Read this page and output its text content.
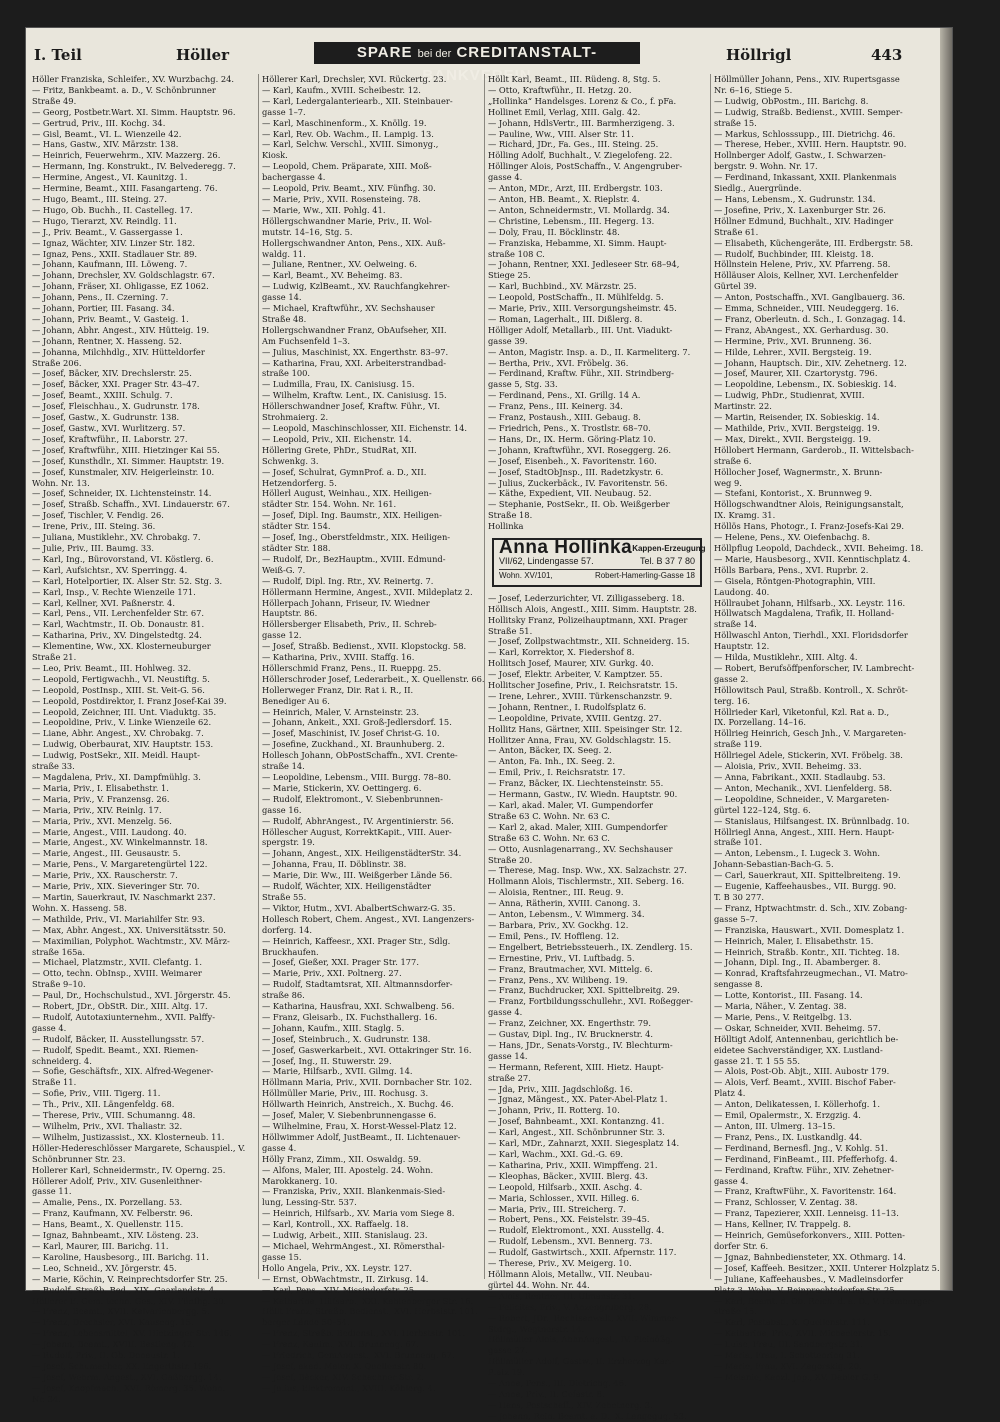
I. Teil	Höller	SPARE bei der CREDITANSTALT-BANKVEREIN
Höllrigl	443
Höller Franziska, Schleifer., XV. Wurzbachg. 24.
— Fritz, Bankbeamt. a. D., V. Schönbrunner
Straße 49.
— Georg, Postbetr.Wart. XI. Simm. Hauptstr. 96.
— Gertrud, Priv., III. Kochg. 34.
— Gisl, Beamt., VI. L. Wienzeile 42.
— Hans, Gastw., XIV. Märzstr. 138.
— Heinrich, Feuerwehrm., XIV. Mazzerg. 26.
— Hermann, Ing. Konstrukt., IV. Belvederegg. 7.
— Hermine, Angest., VI. Kaunitzg. 1.
— Hermine, Beamt., XIII. Fasangarteng. 76.
— Hugo, Beamt., III. Steing. 27.
— Hugo, Ob. Buchh., II. Castelleg. 17.
— Hugo, Tierarzt, XV. Reindlg. 11.
— J., Priv. Beamt., V. Gassergasse 1.
— Ignaz, Wächter, XIV. Linzer Str. 182.
— Ignaz, Pens., XXII. Stadlauer Str. 89.
— Johann, Kaufmann, III. Löweng. 7.
— Johann, Drechsler, XV. Goldschlagstr. 67.
— Johann, Fräser, XI. Ohligasse, EZ 1062.
— Johann, Pens., II. Czerning. 7.
— Johann, Portier, III. Fasang. 34.
— Johann, Priv. Beamt., V. Gasteig. 1.
— Johann, Abhr. Angest., XIV. Hütteig. 19.
— Johann, Rentner, X. Hasseng. 52.
— Johanna, Milchhdlg., XIV. Hütteldorfer
Straße 206.
— Josef, Bäcker, XIV. Drechslerstr. 25.
— Josef, Bäcker, XXI. Prager Str. 43–47.
— Josef, Beamt., XXIII. Schulg. 7.
— Josef, Fleischhau., X. Gudrunstr. 178.
— Josef, Gastw., X. Gudrunstr. 138.
— Josef, Gastw., XVI. Wurlitzerg. 57.
— Josef, Kraftwführ., II. Laborstr. 27.
— Josef, Kraftwführ., XIII. Hietzinger Kai 55.
— Josef, Kunsthdlr., XI. Simmer. Hauptstr. 19.
— Josef, Kunstmaler, XIV. Heigerleinstr. 10.
Wohn. Nr. 13.
— Josef, Schneider, IX. Lichtensteinstr. 14.
— Josef, Straßb. Schaffn., XVI. Lindauerstr. 67.
— Josef, Tischler, V. Fendig. 26.
— Irene, Priv., III. Steing. 36.
— Juliana, Mustiklehr., XV. Chrobakg. 7.
— Julie, Priv., III. Baumg. 33.
— Karl, Ing., Bürovorstand, VI. Köstlerg. 6.
— Karl, Aufsichtsr., XV. Sperringg. 4.
— Karl, Hotelportier, IX. Alser Str. 52. Stg. 3.
— Karl, Insp., V. Rechte Wienzeile 171.
— Karl, Kellner, XVI. Paßnerstr. 4.
— Karl, Pens., VII. Lerchenfelder Str. 67.
— Karl, Wachtmstr., II. Ob. Donaustr. 81.
— Katharina, Priv., XV. Dingelstedtg. 24.
— Klementine, Ww., XX. Klosterneuburger
Straße 21.
— Leo, Priv. Beamt., III. Hohlweg. 32.
— Leopold, Fertigwachh., VI. Neustiftg. 5.
— Leopold, PostInsp., XIII. St. Veit-G. 56.
— Leopold, Postdirektor, I. Franz Josef-Kai 39.
— Leopold, Zeichner, III. Unt. Viaduktg. 35.
— Leopoldine, Priv., V. Linke Wienzeile 62.
— Liane, Abhr. Angest., XV. Chrobakg. 7.
— Ludwig, Oberbaurat, XIV. Hauptstr. 153.
— Ludwig, PostSekr., XII. Meidl. Haupt-
straße 33.
— Magdalena, Priv., XI. Dampfmühlg. 3.
— Maria, Priv., I. Elisabethstr. 1.
— Maria, Priv., V. Franzensg. 26.
— Maria, Priv., XIV. Reinlg. 17.
— Maria, Priv., XVI. Menzelg. 56.
— Marie, Angest., VIII. Laudong. 40.
— Marie, Angest., XV. Winkelmannstr. 18.
— Marie, Angest., III. Geusaustr. 5.
— Marie, Pens., V. Margaretengürtel 122.
— Marie, Priv., XX. Rauscherstr. 7.
— Marie, Priv., XIX. Sieveringer Str. 70.
— Martin, Sauerkraut, IV. Naschmarkt 237.
Wohn. X. Hasseng. 58.
— Mathilde, Priv., VI. Mariahilfer Str. 93.
— Max, Abhr. Angest., XX. Universitätsstr. 50.
— Maximilian, Polyphot. Wachtmstr., XV. März-
straße 165a.
— Michael, Platzmstr., XVII. Clefantg. 1.
— Otto, techn. ObInsp., XVIII. Weimarer
Straße 9–10.
— Paul, Dr., Hochschulstud., XVI. Jörgerstr. 45.
— Robert, JDr., ObStR. Dir., XIII. Altg. 17.
— Rudolf, Autotaxiunternehm., XVII. Palffy-
gasse 4.
— Rudolf, Bäcker, II. Ausstellungsstr. 57.
— Rudolf, Spedit. Beamt., XXI. Riemen-
schneiderg. 4.
— Sofie, Geschäftsfr., XIX. Alfred-Wegener-
Straße 11.
— Sofie, Priv., VIII. Tigerg. 11.
— Th., Priv., XII. Längenfeldg. 68.
— Therese, Priv., VIII. Schumanng. 48.
— Wilhelm, Priv., XVI. Thaliastr. 32.
— Wilhelm, Justizassist., XX. Klosterneub. 11.
Höller-Hedereschlösser Margarete, Schauspiel., V.
Schönbrunner Str. 23.
Hollerer Karl, Schneidermstr., IV. Operng. 25.
Höllerer Adolf, Priv., XIV. Gusenleithner-
gasse 11.
— Amalie, Pens., IX. Porzellang. 53.
— Franz, Kaufmann, XV. Felberstr. 96.
— Hans, Beamt., X. Quellenstr. 115.
— Ignaz, Bahnbeamt., XIV. Lösteng. 23.
— Karl, Maurer, III. Barichg. 11.
— Karoline, Hausbesorg., III. Barichg. 11.
— Leo, Schneid., XV. Jörgerstr. 45.
— Marie, Köchin, V. Reinprechtsdorfer Str. 25.
— Rudolf, Straßb. Bed., XIX. Gaarlandstr. 4.
Höllerer E. Gem. techn. Ges., XIV. Fünfhg. 30.
— Franz, Beamt., XVII. Kalvarienbergg. 5.
— Franz, Drechsler, XVI. Kauseng. 15.
— Franz, Lebensmittel, XV. Hietzinger Str. 146.
— Johann, Beamt., XVIII. Bastieng. 42.
— Rudolf, Priv., II. Ob. Donaustr. 1.
— Josef, Schumacher, XX. Engerthstr. 196.
— Josef, Wehrm. Angest., XVI. Gaßbergg. 14.
— Josef, Knopfmach., XVI. Römerg. 35. Wohn.
Nr. 34.
Höllerer Karl, Drechsler, XVI. Rückertg. 23.
— Karl, Kaufm., XVIII. Scheibestr. 12.
— Karl, Ledergalanteriearb., XII. Steinbauer-
gasse 1–7.
— Karl, Maschinenform., X. Knöllg. 19.
— Karl, Rev. Ob. Wachm., II. Lampig. 13.
— Karl, Selchw. Verschl., XVIII. Simonyg.,
Kiosk.
— Leopold, Chem. Präparate, XIII. Moß-
bachergasse 4.
— Leopold, Priv. Beamt., XIV. Fünfhg. 30.
— Marie, Priv., XVII. Rosensteing. 78.
— Marie, Ww., XII. Pohlg. 41.
Höllergschwandner Marie, Priv., II. Wol-
mutstr. 14–16, Stg. 5.
Hollergschwandner Anton, Pens., XIX. Auß-
waldg. 11.
— Juliane, Rentner., XV. Oelweing. 6.
— Karl, Beamt., XV. Beheimg. 83.
— Ludwig, KzlBeamt., XV. Rauchfangkehrer-
gasse 14.
— Michael, Kraftwführ., XV. Sechshauser
Straße 48.
Hollergschwandner Franz, ObAufseher, XII.
Am Fuchsenfeld 1–3.
— Julius, Maschinist, XX. Engerthstr. 83–97.
— Katharina, Frau, XXI. Arbeiterstrandbad-
straße 100.
— Ludmilla, Frau, IX. Canisiusg. 15.
— Wilhelm, Kraftw. Lent., IX. Canisiusg. 15.
Höllerschwandner Josef, Kraftw. Führ., VI.
Strohmaierg. 2.
— Leopold, Maschinschlosser, XII. Eichenstr. 14.
— Leopold, Priv., XII. Eichenstr. 14.
Höllering Grete, PhDr., StudRat, XII.
Schwenkg. 3.
— Josef, Schulrat, GymnProf. a. D., XII.
Hetzendorferg. 5.
Höllerl August, Weinhau., XIX. Heiligen-
städter Str. 154. Wohn. Nr. 161.
— Josef, Dipl. Ing. Baumstr., XIX. Heiligen-
städter Str. 154.
— Josef, Ing., Oberstfeldmstr., XIX. Heiligen-
städter Str. 188.
— Rudolf, Dr., BezHauptm., XVIII. Edmund-
Weiß-G. 7.
— Rudolf, Dipl. Ing. Rtr., XV. Reinertg. 7.
Höllermann Hermine, Angest., XVII. Mildeplatz 2.
Höllerpach Johann, Friseur, IV. Wiedner
Hauptstr. 86.
Höllersberger Elisabeth, Priv., II. Schreb-
gasse 12.
— Josef, Straßb. Bedienst., XVII. Klopstockg. 58.
— Katharina, Priv., XVIII. Staffg. 16.
Höllerschmid Franz, Pens., II. Rueppg. 25.
Höllerschroder Josef, Lederarbeit., X. Quellenstr. 66.
Hollerweger Franz, Dir. Rat i. R., II.
Benediger Au 6.
— Heinrich, Maler, V. Arnsteinstr. 23.
— Johann, Ankeit., XXI. Groß-Jedlersdorf. 15.
— Josef, Maschinist, IV. Josef Christ-G. 10.
— Josefine, Zuckhand., XI. Braunhuberg. 2.
Hollesch Johann, ObPostSchaffn., XVI. Crente-
straße 14.
— Leopoldine, Lebensm., VIII. Burgg. 78–80.
— Marie, Stickerin, XV. Oettingerg. 6.
— Rudolf, Elektromont., V. Siebenbrunnen-
gasse 16.
— Rudolf, AbhrAngest., IV. Argentinierstr. 56.
Höllescher August, KorrektKapit., VIII. Auer-
spergstr. 19.
— Johann, Angest., XIX. HeiligenstädterStr. 34.
— Johanna, Frau, II. Döblinstr. 38.
— Marie, Dir. Ww., III. Weißgerber Lände 56.
— Rudolf, Wächter, XIX. Heiligenstädter
Straße 55.
— Viktor, Hutm., XVI. AbalbertSchwarz-G. 35.
Hollesch Robert, Chem. Angest., XVI. Langenzers-
dorferg. 14.
— Heinrich, Kaffeesr., XXI. Prager Str., Sdlg.
Bruckhaufen.
— Josef, Gießer, XXI. Prager Str. 177.
— Marie, Priv., XXI. Poltnerg. 27.
— Rudolf, Stadtamtsrat, XII. Altmannsdorfer-
straße 86.
— Katharina, Hausfrau, XXI. Schwalbeng. 56.
— Franz, Gleisarb., IX. Fuchsthallerg. 16.
— Johann, Kaufm., XIII. Staglg. 5.
— Josef, Steinbruch., X. Gudrunstr. 138.
— Josef, Gaswerkarbeit., XVI. Ottakringer Str. 16.
— Josef, Ing., II. Stuwerstr. 29.
— Marie, Hilfsarb., XVII. Gilmg. 14.
Höllmann Maria, Priv., XVII. Dornbacher Str. 102.
Höllmüller Marie, Priv., III. Rochusg. 3.
Höllwarth Heinrich, Anstreich., X. Buchg. 46.
— Josef, Maler, V. Siebenbrunnengasse 6.
— Wilhelmine, Frau, X. Horst-Wessel-Platz 12.
Höllwimmer Adolf, JustBeamt., II. Lichtenauer-
gasse 4.
Hölly Franz, Zimm., XII. Oswaldg. 59.
— Alfons, Maler, III. Apostelg. 24. Wohn.
Marokkanerg. 10.
— Franziska, Priv., XXII. Blankenmais-Sied-
lung, Lessing-Str. 537.
— Heinrich, Hilfsarb., XV. Maria vom Siege 8.
— Karl, Kontroll., XX. Raffaelg. 18.
— Ludwig, Arbeit., XIII. Stanislaug. 23.
— Michael, WehrmAngest., XI. Römersthal-
gasse 15.
Hollo Angela, Priv., XX. Leystr. 127.
— Ernst, ObWachtmstr., II. Zirkusg. 14.
— Karl, Pens., XIV. Missindorfstr. 25.
— Katharina, Hilfsarb., XXI. Kahlenberger Str. 16.
Höllt Franz, Straßb. Bedienst., XVI. Herbststr. 101.
berger Lände 50–54.
— Franz, Straßb. Bedienst., XVI. Herbststr. 101.
— Franz, Kaufm., XVI. Brunneng. 67.
— Friedrich, GemAngest., XVI. Brunneng. 67.
— Josef, akad. Maler, X. Quellenstr. 80.
— Josef, Bäcker, XIV. Schachner Str. 2.
— Julius, Elektromont., XVIII. Köhlerg. 4.
Höllt Karl, Beamt., III. Rüdeng. 8, Stg. 5.
— Otto, Kraftwführ., II. Hetzg. 20.
„Hollinka“ Handelsges. Lorenz & Co., f. pFa.
Hollinet Emil, Verlag, XIII. Galg. 42.
— Johann, HdlsVertr., III. Barmherzigeng. 3.
— Pauline, Ww., VIII. Alser Str. 11.
— Richard, JDr., Fa. Ges., III. Steing. 25.
Hölling Adolf, Buchhalt., V. Ziegelofeng. 22.
Höllinger Alois, PostSchaffn., V. Angengruber-
gasse 4.
— Anton, MDr., Arzt, III. Erdbergstr. 103.
— Anton, HB. Beamt., X. Rieplstr. 4.
— Anton, Schneidermstr., VI. Mollardg. 34.
— Christine, Lebensm., III. Hegerg. 13.
— Doly, Frau, II. Böcklinstr. 48.
— Franziska, Hebamme, XI. Simm. Haupt-
straße 108 C.
— Johann, Rentner, XXI. Jedleseer Str. 68–94,
Stiege 25.
— Karl, Buchbind., XV. Märzstr. 25.
— Leopold, PostSchaffn., II. Mühlfeldg. 5.
— Marie, Priv., XIII. Versorgungsheimstr. 45.
— Roman, Lagerhalt., III. Dißlerg. 8.
Hölliger Adolf, Metallarb., III. Unt. Viadukt-
gasse 39.
— Anton, Magistr. Insp. a. D., II. Karmeliterg. 7.
— Bertha, Priv., XVI. Fröbelg. 36.
— Ferdinand, Kraftw. Führ., XII. Strindberg-
gasse 5, Stg. 33.
— Ferdinand, Pens., XI. Grillg. 14 A.
— Franz, Pens., III. Keinerg. 34.
— Franz, Postaush., XIII. Gebaug. 8.
— Friedrich, Pens., X. Trostlstr. 68–70.
— Hans, Dr., IX. Herm. Göring-Platz 10.
— Johann, Kraftwführ., XVI. Roseggerg. 26.
— Josef, Eisenbeh., X. Favoritenstr. 160.
— Josef, StadtObJnsp., III. Radetzkystr. 6.
— Julius, Zuckerbäck., IV. Favoritenstr. 56.
— Käthe, Expedient, VII. Neubaug. 52.
— Stephanie, PostSekr., II. Ob. Weißgerber
Straße 18.
Hollinka
Anna Hollinka Kappen-Erzeugung
VII/62, Lindengasse 57.	Tel. B 37 7 80
Wohn. XV/101,	Robert-Hamerling-Gasse 18
— Josef, Lederzurichter, VI. Zilligasseberg. 18.
Höllisch Alois, AngestI., XIII. Simm. Hauptstr. 28.
Hollitsky Franz, Polizeihauptmann, XXI. Prager
Straße 51.
— Josef, Zollpstwachtmstr., XII. Schneiderg. 15.
— Karl, Korrektor, X. Fiedershof 8.
Hollitsch Josef, Maurer, XIV. Gurkg. 40.
— Josef, Elektr. Arbeiter, V. Kamptzer. 55.
Hollitscher Josefine, Priv., I. Reichsratstr. 15.
— Irene, Lehrer., XVIII. Türkenschanzstr. 9.
— Johann, Rentner., I. Rudolfsplatz 6.
— Leopoldine, Private, XVIII. Gentzg. 27.
Hollitz Hans, Gärtner, XIII. Speisinger Str. 12.
Hollitzer Anna, Frau, XV. Goldschlagstr. 15.
— Anton, Bäcker, IX. Seeg. 2.
— Anton, Fa. Inh., IX. Seeg. 2.
— Emil, Priv., I. Reichsratstr. 17.
— Franz, Bäcker, IX. Liechtensteinstr. 55.
— Hermann, Gastw., IV. Wiedn. Hauptstr. 90.
— Karl, akad. Maler, VI. Gumpendorfer
Straße 63 C. Wohn. Nr. 63 C.
— Karl 2, akad. Maler, XIII. Gumpendorfer
Straße 63 C. Wohn. Nr. 63 C.
— Otto, Ausnlagenarrang., XV. Sechshauser
Straße 20.
— Therese, Mag. Insp. Ww., XX. Salzachstr. 27.
Hollmann Alois, Tischlermstr., XII. Seberg. 16.
— Aloisia, Rentner., III. Reug. 9.
— Anna, Rätherin, XVIII. Canong. 3.
— Anton, Lebensm., V. Wimmerg. 34.
— Barbara, Priv., XV. Gockhg. 12.
— Emil, Pens., IV. Hoffleng. 12.
— Engelbert, Betriebssteuerh., IX. Zendlerg. 15.
— Ernestine, Priv., VI. Luftbadg. 5.
— Franz, Brautmacher, XVI. Mittelg. 6.
— Franz, Pens., XV. Wilibeng. 19.
— Franz, Buchdrucker, XXI. Spittelbreitg. 29.
— Franz, Fortbildungsschullehr., XVI. Roßegger-
gasse 4.
— Franz, Zeichner, XX. Engerthstr. 79.
— Gustav, Dipl. Ing., IV. Brucknerstr. 4.
— Hans, JDr., Senats-Vorstg., IV. Blechturm-
gasse 14.
— Hermann, Referent, XIII. Hietz. Haupt-
straße 27.
— Jda, Priv., XIII. Jagdschloßg. 16.
— Jgnaz, Mängest., XX. Pater-Abel-Platz 1.
— Johann, Priv., II. Rotterg. 10.
— Josef, Bahnbeamt., XXI. Kontanzng. 41.
— Karl, Angest., XII. Schönbrunner Str. 3.
— Karl, MDr., Zahnarzt, XXII. Siegesplatz 14.
— Karl, Wachm., XXI. Gd.-G. 69.
— Katharina, Priv., XXII. Wimpffeng. 21.
— Kleophas, Bäcker., XVIII. Blerg. 43.
— Leopold, Hilfsarb., XXII. Aschg. 4.
— Maria, Schlosser., XVII. Hilleg. 6.
— Maria, Priv., III. Streicherg. 7.
— Robert, Pens., XX. Feistelstr. 39–45.
— Rudolf, Elektromont., XXI. Ausstellg. 4.
— Rudolf, Lebensm., XVI. Bennerg. 73.
— Rudolf, Gastwirtsch., XXII. Afpernstr. 117.
— Therese, Priv., XV. Meigerg. 10.
Höllmann Alois, Metallw., VII. Neubau-
gürtel 44. Wohn. Nr. 44.
— Alois, Rentner, III. Ulmanstr. 31.
— Felicitas, Priv., V. Anzengruberg. 28.
— Robert, JDr., Rechtsanwalt, XVII. Wimmer-
Stdrg., Wegtnerstr. 14.
Höllmüller Alois, AbhnAngest., IV. Pleinößg.
gasse 27.
Höllmüller Adolf, Gastw., II. Erzherzog Karl-
Platz 19.
— Anna, Pens., III. Dietrichg. 46.
— Anna, Priv., II. Cefastr. 8.
— Hans, Postschaff., XIV. Zehetnerg. 3.
— Johann, Rein. Beamt. a. D., X. Langegug. 53.
Höllmüller Johann, Pens., XIV. Rupertsgasse
Nr. 6–16, Stiege 5.
— Ludwig, ObPostm., III. Barichg. 8.
— Ludwig, Straßb. Bedienst., XVIII. Semper-
straße 15.
— Markus, Schlosssupp., III. Dietrichg. 46.
— Therese, Heber., XVIII. Hern. Hauptstr. 90.
Hollnberger Adolf, Gastw., I. Schwarzen-
bergstr. 9. Wohn. Nr. 17.
— Ferdinand, Inkassant, XXII. Plankenmais
Siedlg., Auergründe.
— Hans, Lebensm., X. Gudrunstr. 134.
— Josefine, Priv., X. Laxenburger Str. 26.
Höllner Edmund, Buchhalt., XIV. Hadinger
Straße 61.
— Elisabeth, Küchengeräte, III. Erdbergstr. 58.
— Rudolf, Buchbinder, III. Kleistg. 18.
Höllnstein Helene, Priv., XV. Pfarreng. 58.
Hölläuser Alois, Kellner, XVI. Lerchenfelder
Gürtel 39.
— Anton, Postschaffn., XVI. Ganglbauerg. 36.
— Emma, Schneider., VIII. Neudeggerg. 16.
— Franz, Oberleutn. d. Sch., I. Gonzagag. 14.
— Franz, AbAngest., XX. Gerhardusg. 30.
— Hermine, Priv., XVI. Brunneng. 36.
— Hilde, Lehrer., XVII. Bergsteig. 19.
— Johann, Hauptsch. Dir., XIV. Zehetnerg. 12.
— Josef, Maurer, XII. Czartorystg. 796.
— Leopoldine, Lebensm., IX. Sobieskig. 14.
— Ludwig, PhDr., Studienrat, XVIII.
Martinstr. 22.
— Martin, Reisender, IX. Sobieskig. 14.
— Mathilde, Priv., XVII. Bergsteigg. 19.
— Max, Direkt., XVII. Bergsteigg. 19.
Höllobert Hermann, Garderob., II. Wittelsbach-
straße 6.
Höllocher Josef, Wagnermstr., X. Brunn-
weg 9.
— Stefani, Kontorist., X. Brunnweg 9.
Höllogschwandtner Alois, Reinigungsanstalt,
IX. Kramg. 31.
Höllös Hans, Photogr., I. Franz-Josefs-Kai 29.
— Helene, Pens., XV. Oiefenbachg. 8.
Höllpflug Leopold, Dachdeck., XVII. Beheimg. 18.
— Marie, Hausbesorg., XVII. Kenntischplatz 4.
Hölls Barbara, Pens., XVI. Ruprbr. 2.
— Gisela, Röntgen-Photographin, VIII.
Laudong. 40.
Höllraubet Johann, Hilfsarb., XX. Leystr. 116.
Höllwatsch Magdalena, Trafik, II. Holland-
straße 14.
Höllwaschl Anton, Tierhdl., XXI. Floridsdorfer
Hauptstr. 12.
— Hilda, Mustiklehr., XIII. Altg. 4.
— Robert, Berufsöffpenforscher, IV. Lambrecht-
gasse 2.
Höllowitsch Paul, Straßb. Kontroll., X. Schröt-
terg. 16.
Höllrieder Karl, Viketonful, Kzl. Rat a. D.,
IX. Porzellang. 14–16.
Höllrieg Heinrich, Gesch Jnh., V. Margareten-
straße 119.
Höllriegel Adele, Stickerin, XVI. Fröbelg. 38.
— Aloisia, Priv., XVII. Beheimg. 33.
— Anna, Fabrikant., XXII. Stadlaubg. 53.
— Anton, Mechanik., XVI. Lienfelderg. 58.
— Leopoldine, Schneider., V. Margareten-
gürtel 122–124, Stg. 6.
— Stanislaus, Hilfsangest. IX. Brünnlbadg. 10.
Höllriegl Anna, Angest., XIII. Hern. Haupt-
straße 101.
— Anton, Lebensm., I. Lugeck 3. Wohn.
Johann-Sebastian-Bach-G. 5.
— Carl, Sauerkraut, XII. Spittelbreiteng. 19.
— Eugenie, Kaffeehausbes., VII. Burgg. 90.
T. B 30 277.
— Franz, Hptwachtmstr. d. Sch., XIV. Zobang-
gasse 5–7.
— Franziska, Hauswart., XVII. Domesplatz 1.
— Heinrich, Maler, I. Elisabethstr. 15.
— Heinrich, Straßb. Kontr., XII. Tichteg. 18.
— Johann, Dipl. Ing., II. Abamberger. 8.
— Konrad, Kraftsfahrzeugmechan., VI. Matro-
sengasse 8.
— Lotte, Kontorist., III. Fasang. 14.
— Maria, Näher., V. Zentag. 38.
— Marie, Pens., V. Reitgelbg. 13.
— Oskar, Schneider, XVII. Beheimg. 57.
Hölltigt Adolf, Antennenbau, gerichtlich be-
eidetee Sachverständiger, XX. Lustland-
gasse 21. T. 1 55 55.
— Alois, Post-Ob. Abjt., XIII. Aubostr 179.
— Alois, Verf. Beamt., XVIII. Bischof Faber-
Platz 4.
— Anton, Delikatessen, I. Köllerhofg. 1.
— Emil, Opalermstr., X. Erzgzig. 4.
— Anton, III. Ulmerg. 13–15.
— Franz, Pens., IX. Lustkandlg. 44.
— Ferdinand, Bernesfl. Jng., V. Kohlg. 51.
— Ferdinand, FinBeamt., III. Pfefferhofg. 4.
— Ferdinand, Kraftw. Führ., XIV. Zehetner-
gasse 4.
— Franz, KraftwFühr., X. Favoritenstr. 164.
— Franz, Schlosser, V. Zentag. 38.
— Franz, Tapezierer, XXII. Lenneisg. 11–13.
— Hans, Kellner, IV. Trappelg. 8.
— Heinrich, Gemüseforkonvers., XIII. Potten-
dorfer Str. 6.
— Jgnaz, Bahnbediensteter, XX. Othmarg. 14.
— Josef, Kaffeeh. Besitzer., XXII. Unterer Holzplatz 5.
— Juliane, Kaffeehausbes., V. Madleinsdorfer
Platz 3. Wohn. V. Reinprechtsdorfer Str. 25.
— Karl, Beamt. d. Ob. Reich. d. a. D., V. Hamburger-
straße 15.
— Karl, Postabst., X. Quellenstr. 111.
— Katharina, Priv., XVII. Michaelerstr. 15.
— Luise, Frau, III. Sandbergstr. 31.
— Maria, Frau, I. Schottenring 31.
— Marie, Frau, XVI. Zagorskig. 20.
— Melanie, Kanzl. Jnp., XV. Dabler G. 9.
